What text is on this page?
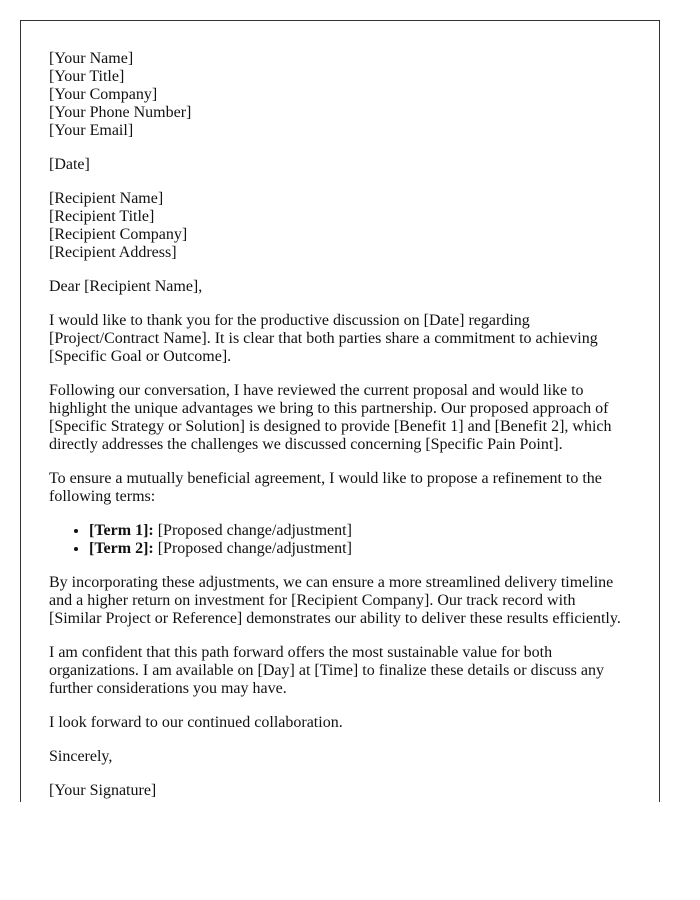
[Your Name]
[Your Title]
[Your Company]
[Your Phone Number]
[Your Email]
[Date]
[Recipient Name]
[Recipient Title]
[Recipient Company]
[Recipient Address]

Dear [Recipient Name],

I would like to thank you for the productive discussion on [Date] regarding [Project/Contract Name]. It is clear that both parties share a commitment to achieving [Specific Goal or Outcome].

Following our conversation, I have reviewed the current proposal and would like to highlight the unique advantages we bring to this partnership. Our proposed approach of [Specific Strategy or Solution] is designed to provide [Benefit 1] and [Benefit 2], which directly addresses the challenges we discussed concerning [Specific Pain Point].

To ensure a mutually beneficial agreement, I would like to propose a refinement to the following terms:

• [Term 1]: [Proposed change/adjustment]
• [Term 2]: [Proposed change/adjustment]

By incorporating these adjustments, we can ensure a more streamlined delivery timeline and a higher return on investment for [Recipient Company]. Our track record with [Similar Project or Reference] demonstrates our ability to deliver these results efficiently.

I am confident that this path forward offers the most sustainable value for both organizations. I am available on [Day] at [Time] to finalize these details or discuss any further considerations you may have.

I look forward to our continued collaboration.

Sincerely,

[Your Signature]
